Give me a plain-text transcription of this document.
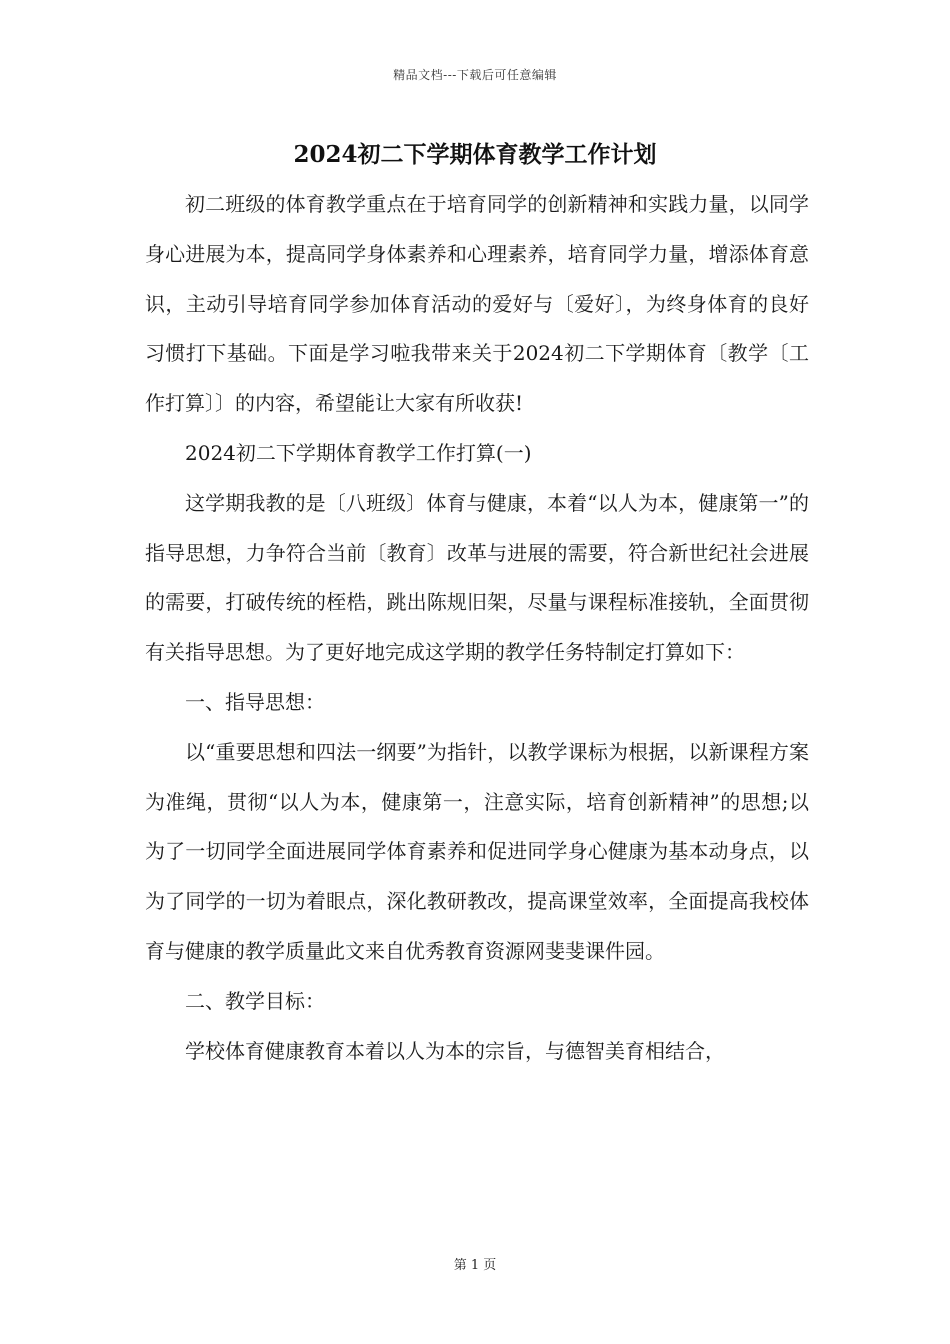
精品文档---下载后可任意编辑
2024初二下学期体育教学工作计划

初二班级的体育教学重点在于培育同学的创新精神和实践力量，以同学身心进展为本，提高同学身体素养和心理素养，培育同学力量，增添体育意识，主动引导培育同学参加体育活动的爱好与〔爱好〕，为终身体育的良好习惯打下基础。下面是学习啦我带来关于2024初二下学期体育〔教学〔工作打算〕〕的内容，希望能让大家有所收获!

2024初二下学期体育教学工作打算(一)

这学期我教的是〔八班级〕体育与健康，本着“以人为本，健康第一”的指导思想，力争符合当前〔教育〕改革与进展的需要，符合新世纪社会进展的需要，打破传统的桎梏，跳出陈规旧架，尽量与课程标准接轨，全面贯彻有关指导思想。为了更好地完成这学期的教学任务特制定打算如下：

一、指导思想：

以“重要思想和四法一纲要”为指针，以教学课标为根据，以新课程方案为准绳，贯彻“以人为本，健康第一，注意实际，培育创新精神”的思想;以为了一切同学全面进展同学体育素养和促进同学身心健康为基本动身点，以为了同学的一切为着眼点，深化教研教改，提高课堂效率，全面提高我校体育与健康的教学质量此文来自优秀教育资源网斐斐课件园。

二、教学目标：

学校体育健康教育本着以人为本的宗旨，与德智美育相结合，

第 1 页
